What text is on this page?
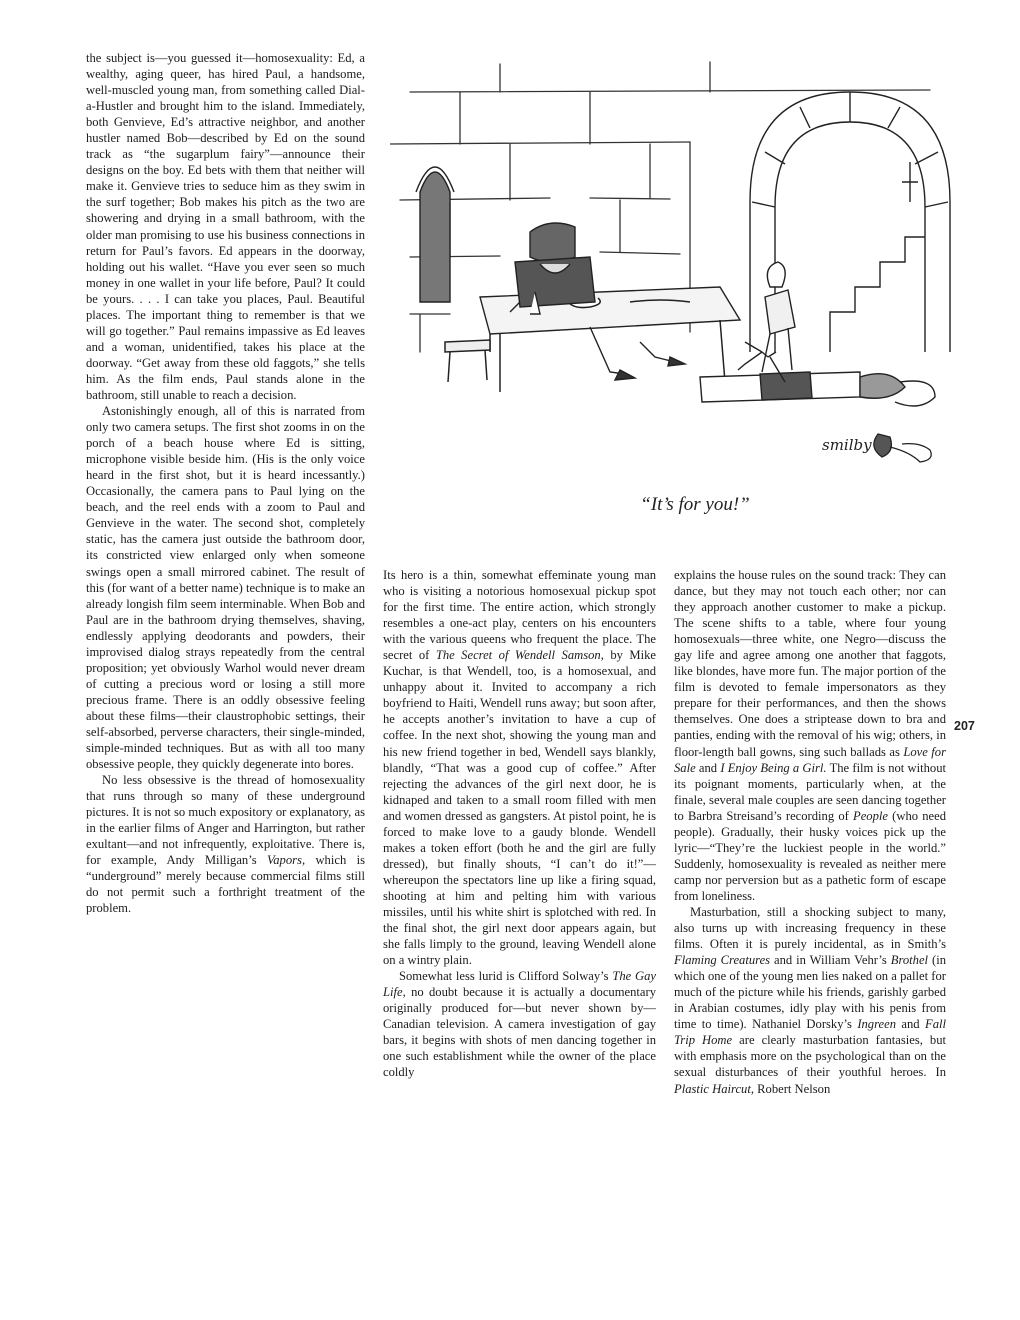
the subject is—you guessed it—homosexuality: Ed, a wealthy, aging queer, has hired Paul, a handsome, well-muscled young man, from something called Dial-a-Hustler and brought him to the island. Immediately, both Genvieve, Ed’s attractive neighbor, and another hustler named Bob—described by Ed on the sound track as “the sugarplum fairy”—announce their designs on the boy. Ed bets with them that neither will make it. Genvieve tries to seduce him as they swim in the surf together; Bob makes his pitch as the two are showering and drying in a small bathroom, with the older man promising to use his business connections in return for Paul’s favors. Ed appears in the doorway, holding out his wallet. “Have you ever seen so much money in one wallet in your life before, Paul? It could be yours. . . . I can take you places, Paul. Beautiful places. The important thing to remember is that we will go together.” Paul remains impassive as Ed leaves and a woman, unidentified, takes his place at the doorway. “Get away from these old faggots,” she tells him. As the film ends, Paul stands alone in the bathroom, still unable to reach a decision.

Astonishingly enough, all of this is narrated from only two camera setups. The first shot zooms in on the porch of a beach house where Ed is sitting, microphone visible beside him. (His is the only voice heard in the first shot, but it is heard incessantly.) Occasionally, the camera pans to Paul lying on the beach, and the reel ends with a zoom to Paul and Genvieve in the water. The second shot, completely static, has the camera just outside the bathroom door, its constricted view enlarged only when someone swings open a small mirrored cabinet. The result of this (for want of a better name) technique is to make an already longish film seem interminable. When Bob and Paul are in the bathroom drying themselves, shaving, endlessly applying deodorants and powders, their improvised dialog strays repeatedly from the central proposition; yet obviously Warhol would never dream of cutting a precious word or losing a still more precious frame. There is an oddly obsessive feeling about these films—their claustrophobic settings, their self-absorbed, perverse characters, their single-minded, simple-minded techniques. But as with all too many obsessive people, they quickly degenerate into bores.

No less obsessive is the thread of homosexuality that runs through so many of these underground pictures. It is not so much expository or explanatory, as in the earlier films of Anger and Harrington, but rather exultant—and not infrequently, exploitative. There is, for example, Andy Milligan’s Vapors, which is “underground” merely because commercial films still do not permit such a forthright treatment of the problem.

Its hero is a thin, somewhat effeminate young man who is visiting a notorious homosexual pickup spot for the first time. The entire action, which strongly resembles a one-act play, centers on his encounters with the various queens who frequent the place. The secret of The Secret of Wendell Samson, by Mike Kuchar, is that Wendell, too, is a homosexual, and unhappy about it. Invited to accompany a rich boyfriend to Haiti, Wendell runs away; but soon after, he accepts another’s invitation to have a cup of coffee. In the next shot, showing the young man and his new friend together in bed, Wendell says blankly, blandly, “That was a good cup of coffee.” After rejecting the advances of the girl next door, he is kidnaped and taken to a small room filled with men and women dressed as gangsters. At pistol point, he is forced to make love to a gaudy blonde. Wendell makes a token effort (both he and the girl are fully dressed), but finally shouts, “I can’t do it!”—whereupon the spectators line up like a firing squad, shooting at him and pelting him with various missiles, until his white shirt is splotched with red. In the final shot, the girl next door appears again, but she falls limply to the ground, leaving Wendell alone on a wintry plain.

Somewhat less lurid is Clifford Solway’s The Gay Life, no doubt because it is actually a documentary originally produced for—but never shown by—Canadian television. A camera investigation of gay bars, it begins with shots of men dancing together in one such establishment while the owner of the place coldly

explains the house rules on the sound track: They can dance, but they may not touch each other; nor can they approach another customer to make a pickup. The scene shifts to a table, where four young homosexuals—three white, one Negro—discuss the gay life and agree among one another that faggots, like blondes, have more fun. The major portion of the film is devoted to female impersonators as they prepare for their performances, and then the shows themselves. One does a striptease down to bra and panties, ending with the removal of his wig; others, in floor-length ball gowns, sing such ballads as Love for Sale and I Enjoy Being a Girl. The film is not without its poignant moments, particularly when, at the finale, several male couples are seen dancing together to Barbra Streisand’s recording of People (who need people). Gradually, their husky voices pick up the lyric—“They’re the luckiest people in the world.” Suddenly, homosexuality is revealed as neither mere camp nor perversion but as a pathetic form of escape from loneliness.

Masturbation, still a shocking subject to many, also turns up with increasing frequency in these films. Often it is purely incidental, as in Smith’s Flaming Creatures and in William Vehr’s Brothel (in which one of the young men lies naked on a pallet for much of the picture while his friends, garishly garbed in Arabian costumes, idly play with his penis from time to time). Nathaniel Dorsky’s Ingreen and Fall Trip Home are clearly masturbation fantasies, but with emphasis more on the psychological than on the sexual disturbances of their youthful heroes. In Plastic Haircut, Robert Nelson

smilby
“It’s for you!”
207
